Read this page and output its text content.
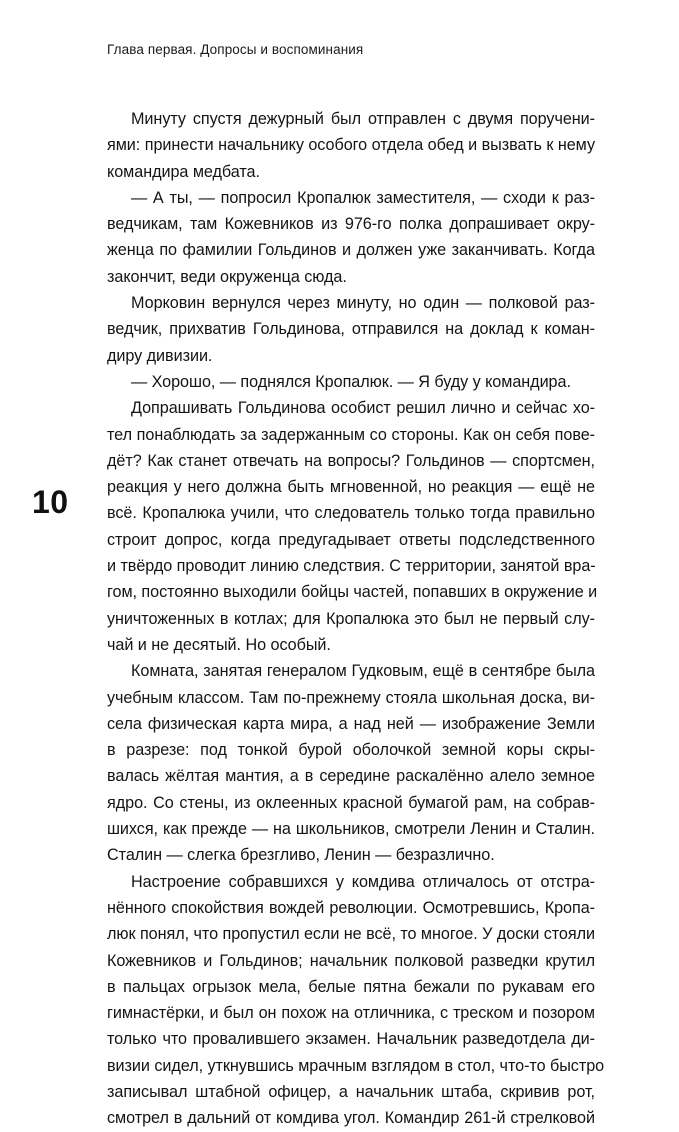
Глава первая. Допросы и воспоминания
10
Минуту спустя дежурный был отправлен с двумя поручени-
ями: принести начальнику особого отдела обед и вызвать к нему
командира медбата.
— А ты, — попросил Кропалюк заместителя, — сходи к раз-
ведчикам, там Кожевников из 976-го полка допрашивает окру-
женца по фамилии Гольдинов и должен уже заканчивать. Когда
закончит, веди окруженца сюда.
Морковин вернулся через минуту, но один — полковой раз-
ведчик, прихватив Гольдинова, отправился на доклад к коман-
диру дивизии.
— Хорошо, — поднялся Кропалюк. — Я буду у командира.
Допрашивать Гольдинова особист решил лично и сейчас хо-
тел понаблюдать за задержанным со стороны. Как он себя пове-
дёт? Как станет отвечать на вопросы? Гольдинов — спортсмен,
реакция у него должна быть мгновенной, но реакция — ещё не
всё. Кропалюка учили, что следователь только тогда правильно
строит допрос, когда предугадывает ответы подследственного
и твёрдо проводит линию следствия. С территории, занятой вра-
гом, постоянно выходили бойцы частей, попавших в окружение и
уничтоженных в котлах; для Кропалюка это был не первый слу-
чай и не десятый. Но особый.
Комната, занятая генералом Гудковым, ещё в сентябре была
учебным классом. Там по-прежнему стояла школьная доска, ви-
села физическая карта мира, а над ней — изображение Земли
в разрезе: под тонкой бурой оболочкой земной коры скры-
валась жёлтая мантия, а в середине раскалённо алело земное
ядро. Со стены, из оклеенных красной бумагой рам, на собрав-
шихся, как прежде — на школьников, смотрели Ленин и Сталин.
Сталин — слегка брезгливо, Ленин — безразлично.
Настроение собравшихся у комдива отличалось от отстра-
нённого спокойствия вождей революции. Осмотревшись, Кропа-
люк понял, что пропустил если не всё, то многое. У доски стояли
Кожевников и Гольдинов; начальник полковой разведки крутил
в пальцах огрызок мела, белые пятна бежали по рукавам его
гимнастёрки, и был он похож на отличника, с треском и позором
только что провалившего экзамен. Начальник разведотдела ди-
визии сидел, уткнувшись мрачным взглядом в стол, что-то быстро
записывал штабной офицер, а начальник штаба, скривив рот,
смотрел в дальний от комдива угол. Командир 261-й стрелковой
